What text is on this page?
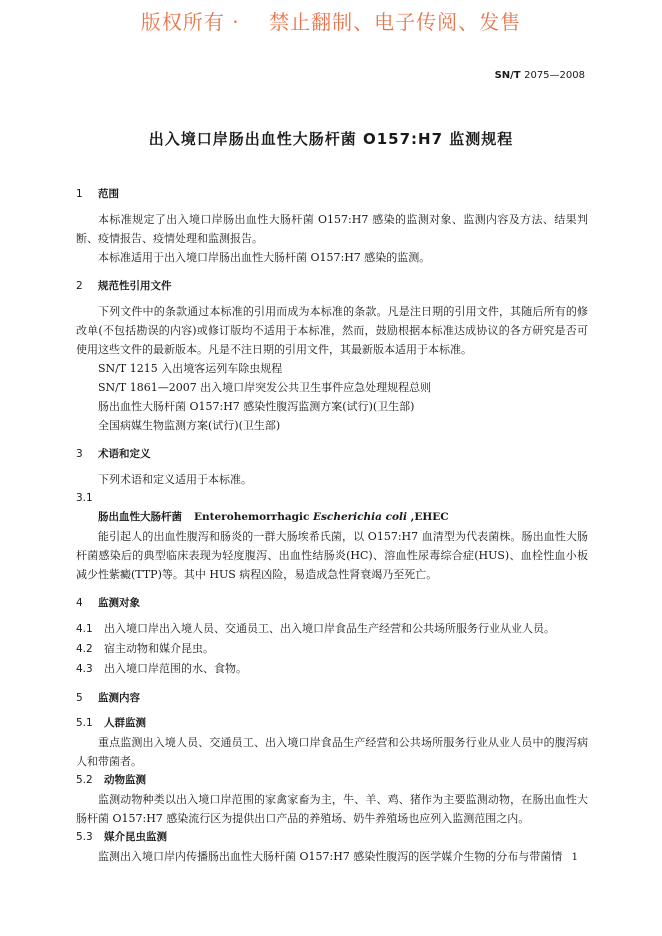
版权所有 ·    禁止翻制、电子传阅、发售
SN/T 2075—2008
出入境口岸肠出血性大肠杆菌 O157:H7 监测规程
1 范围

本标准规定了出入境口岸肠出血性大肠杆菌 O157:H7 感染的监测对象、监测内容及方法、结果判断、疫情报告、疫情处理和监测报告。

本标准适用于出入境口岸肠出血性大肠杆菌 O157:H7 感染的监测。

2 规范性引用文件

下列文件中的条款通过本标准的引用而成为本标准的条款。凡是注日期的引用文件，其随后所有的修改单(不包括勘误的内容)或修订版均不适用于本标准，然而，鼓励根据本标准达成协议的各方研究是否可使用这些文件的最新版本。凡是不注日期的引用文件，其最新版本适用于本标准。

SN/T 1215 入出境客运列车除虫规程

SN/T 1861—2007 出入境口岸突发公共卫生事件应急处理规程总则

肠出血性大肠杆菌 O157:H7 感染性腹泻监测方案(试行)(卫生部)

全国病媒生物监测方案(试行)(卫生部)

3 术语和定义

下列术语和定义适用于本标准。

3.1
肠出血性大肠杆菌 Enterohemorrhagic Escherichia coli ,EHEC

能引起人的出血性腹泻和肠炎的一群大肠埃希氏菌，以 O157:H7 血清型为代表菌株。肠出血性大肠杆菌感染后的典型临床表现为轻度腹泻、出血性结肠炎(HC)、溶血性尿毒综合症(HUS)、血栓性血小板减少性紫癜(TTP)等。其中 HUS 病程凶险，易造成急性肾衰竭乃至死亡。

4 监测对象

4.1 出入境口岸出入境人员、交通员工、出入境口岸食品生产经营和公共场所服务行业从业人员。

4.2 宿主动物和媒介昆虫。

4.3 出入境口岸范围的水、食物。

5 监测内容
5.1 人群监测

重点监测出入境人员、交通员工、出入境口岸食品生产经营和公共场所服务行业从业人员中的腹泻病人和带菌者。

5.2 动物监测

监测动物种类以出入境口岸范围的家禽家畜为主，牛、羊、鸡、猪作为主要监测动物，在肠出血性大肠杆菌 O157:H7 感染流行区为提供出口产品的养殖场、奶牛养殖场也应列入监测范围之内。

5.3 媒介昆虫监测

监测出入境口岸内传播肠出血性大肠杆菌 O157:H7 感染性腹泻的医学媒介生物的分布与带菌情 1
